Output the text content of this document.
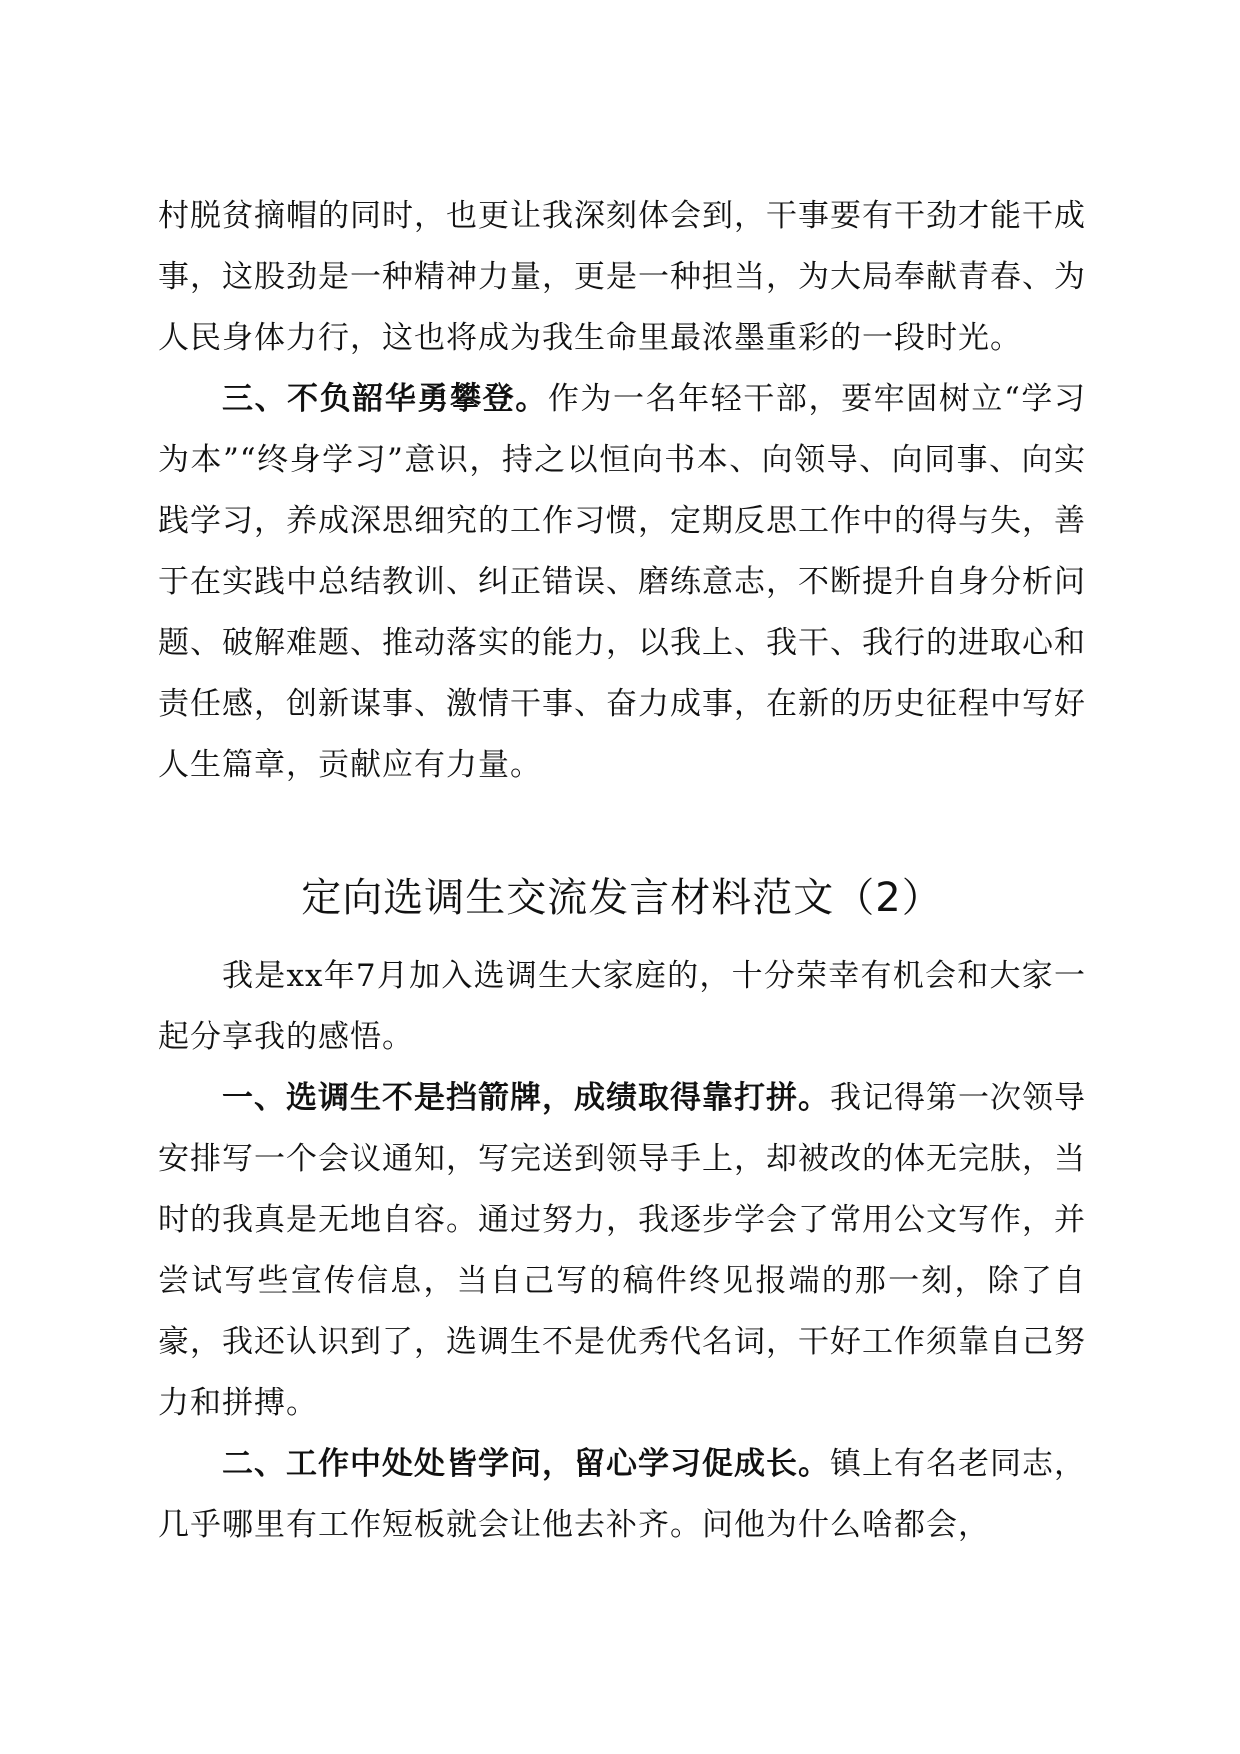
村脱贫摘帽的同时，也更让我深刻体会到，干事要有干劲才能干成事，这股劲是一种精神力量，更是一种担当，为大局奉献青春、为人民身体力行，这也将成为我生命里最浓墨重彩的一段时光。

三、不负韶华勇攀登。作为一名年轻干部，要牢固树立“学习为本”“终身学习”意识，持之以恒向书本、向领导、向同事、向实践学习，养成深思细究的工作习惯，定期反思工作中的得与失，善于在实践中总结教训、纠正错误、磨练意志，不断提升自身分析问题、破解难题、推动落实的能力，以我上、我干、我行的进取心和责任感，创新谋事、激情干事、奋力成事，在新的历史征程中写好人生篇章，贡献应有力量。

定向选调生交流发言材料范文（2）

我是xx年7月加入选调生大家庭的，十分荣幸有机会和大家一起分享我的感悟。

一、选调生不是挡箭牌，成绩取得靠打拼。我记得第一次领导安排写一个会议通知，写完送到领导手上，却被改的体无完肤，当时的我真是无地自容。通过努力，我逐步学会了常用公文写作，并尝试写些宣传信息，当自己写的稿件终见报端的那一刻，除了自豪，我还认识到了，选调生不是优秀代名词，干好工作须靠自己努力和拼搏。

二、工作中处处皆学问，留心学习促成长。镇上有名老同志，几乎哪里有工作短板就会让他去补齐。问他为什么啥都会，
